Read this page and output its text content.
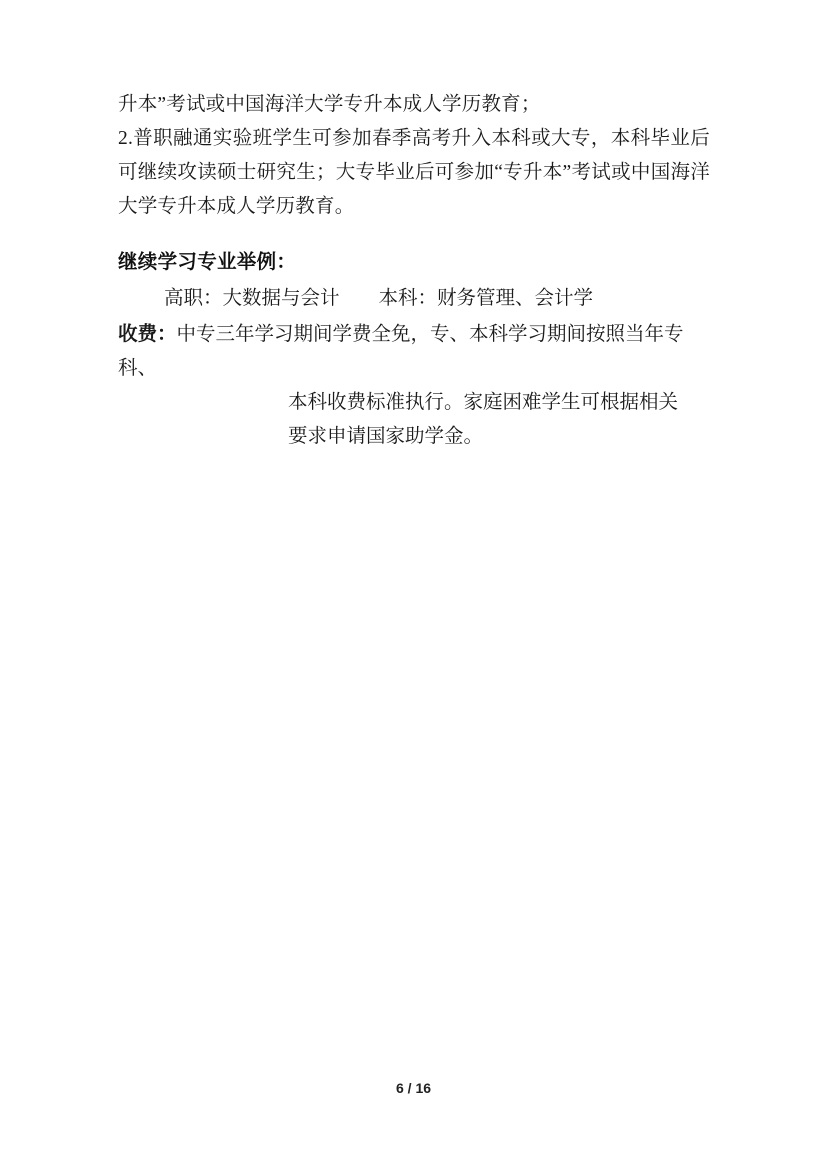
升本”考试或中国海洋大学专升本成人学历教育；

2.普职融通实验班学生可参加春季高考升入本科或大专，本科毕业后可继续攻读硕士研究生；大专毕业后可参加“专升本”考试或中国海洋大学专升本成人学历教育。

继续学习专业举例：

高职：大数据与会计        本科：财务管理、会计学

收费：中专三年学习期间学费全免，专、本科学习期间按照当年专科、
本科收费标准执行。家庭困难学生可根据相关
要求申请国家助学金。
6 / 16
